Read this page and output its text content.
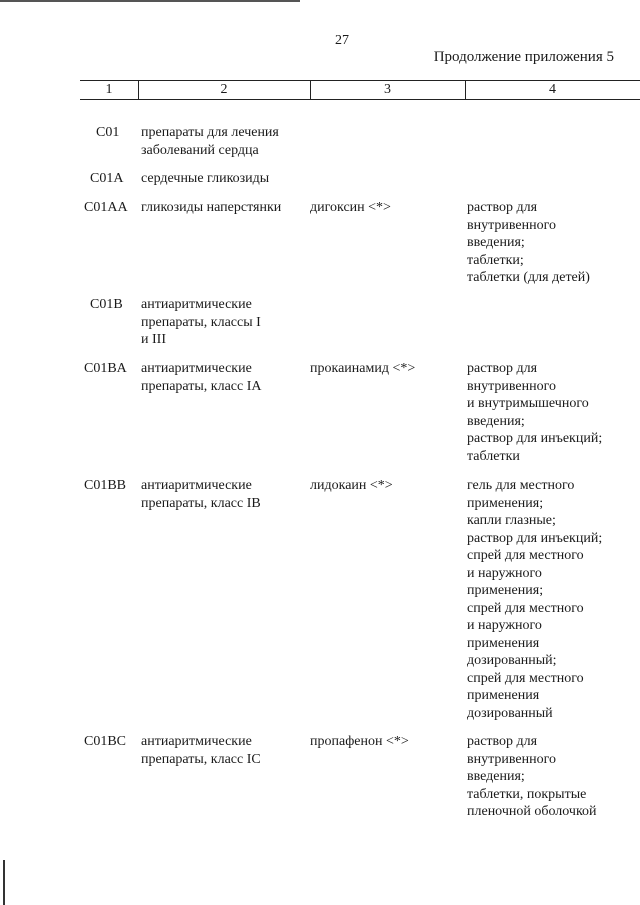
27
Продолжение приложения 5
1	2	3	4
C01	препараты для лечения
заболеваний сердца
C01A	сердечные гликозиды
C01AA гликозиды наперстянки	дигоксин <*>	раствор для
внутривенного
введения;
таблетки;
таблетки (для детей)
C01B	антиаритмические
препараты, классы I
и III
C01BA	антиаритмические
препараты, класс IA
прокаинамид <*>	раствор для
внутривенного
и внутримышечного
введения;
раствор для инъекций;
таблетки
C01BB	антиаритмические
препараты, класс IB
лидокаин <*>	гель для местного
применения;
капли глазные;
раствор для инъекций;
спрей для местного
и наружного
применения;
спрей для местного
и наружного
применения
дозированный;
спрей для местного
применения
дозированный
C01BC	антиаритмические
препараты, класс IC
пропафенон <*>	раствор для
внутривенного
введения;
таблетки, покрытые
пленочной оболочкой
